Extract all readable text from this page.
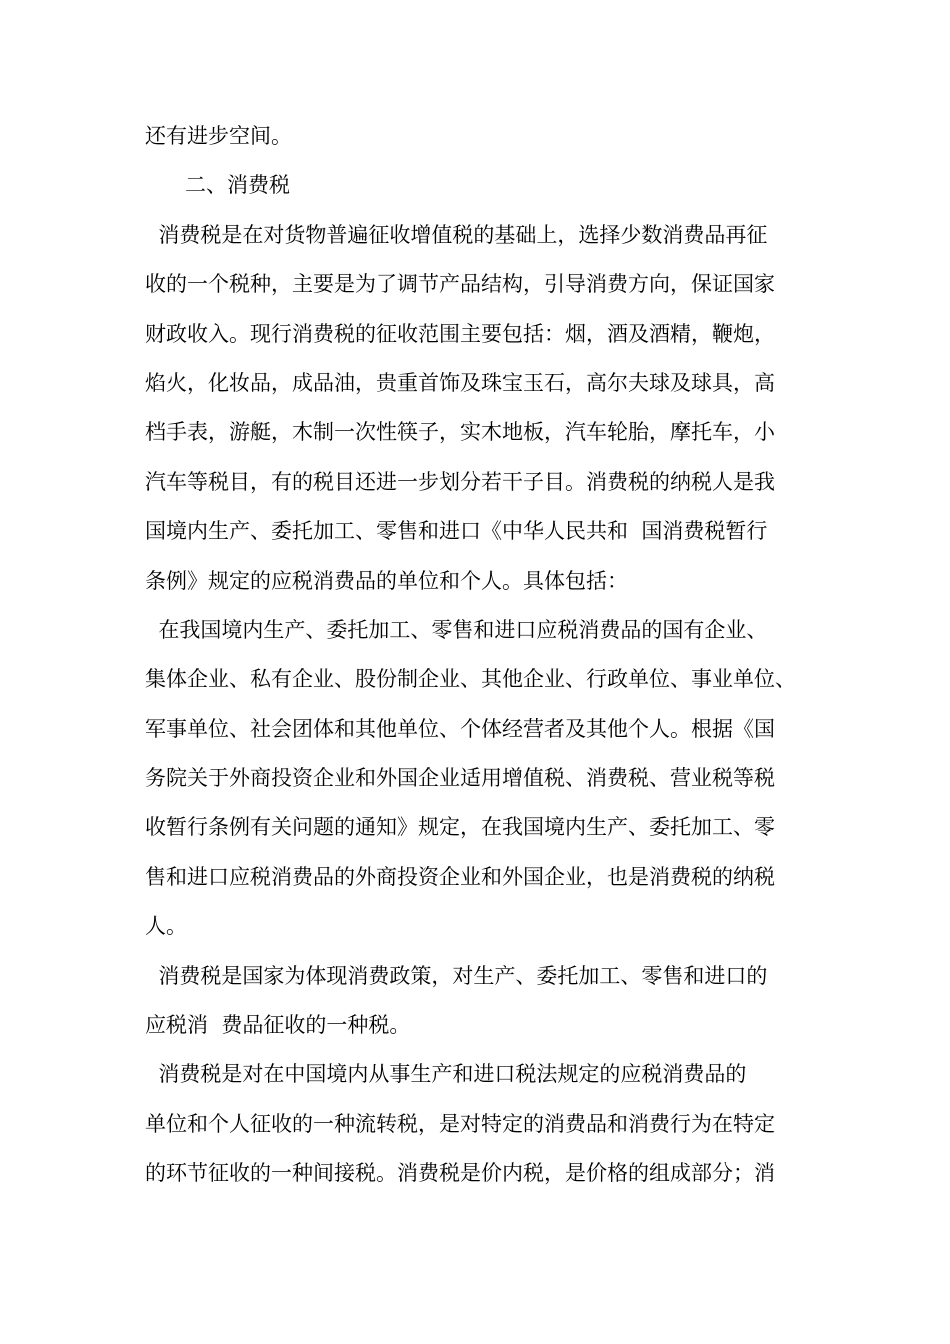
还有进步空间。
二、消费税
消费税是在对货物普遍征收增值税的基础上，选择少数消费品再征
收的一个税种，主要是为了调节产品结构，引导消费方向，保证国家
财政收入。现行消费税的征收范围主要包括：烟，酒及酒精，鞭炮，
焰火，化妆品，成品油，贵重首饰及珠宝玉石，高尔夫球及球具，高
档手表，游艇，木制一次性筷子，实木地板，汽车轮胎，摩托车，小
汽车等税目，有的税目还进一步划分若干子目。消费税的纳税人是我
国境内生产、委托加工、零售和进口《中华人民共和  国消费税暂行
条例》规定的应税消费品的单位和个人。具体包括：
在我国境内生产、委托加工、零售和进口应税消费品的国有企业、
集体企业、私有企业、股份制企业、其他企业、行政单位、事业单位、
军事单位、社会团体和其他单位、个体经营者及其他个人。根据《国
务院关于外商投资企业和外国企业适用增值税、消费税、营业税等税
收暂行条例有关问题的通知》规定，在我国境内生产、委托加工、零
售和进口应税消费品的外商投资企业和外国企业，也是消费税的纳税
人。
消费税是国家为体现消费政策，对生产、委托加工、零售和进口的
应税消  费品征收的一种税。
消费税是对在中国境内从事生产和进口税法规定的应税消费品的
单位和个人征收的一种流转税，是对特定的消费品和消费行为在特定
的环节征收的一种间接税。消费税是价内税，是价格的组成部分；消
